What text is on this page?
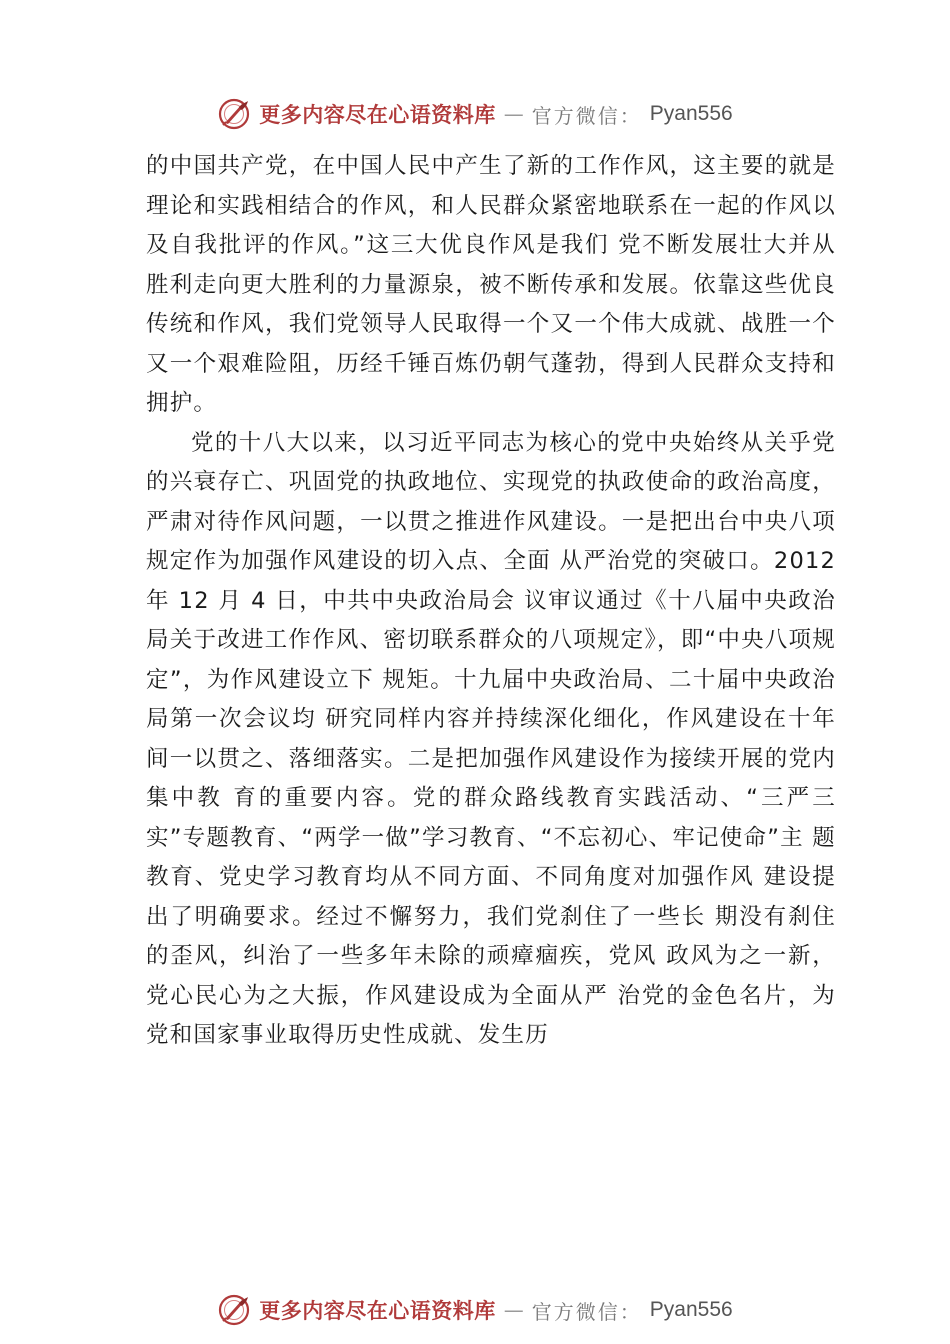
更多内容尽在心语资料库 — 官方微信： Pyan556

的中国共产党，在中国人民中产生了新的工作作风，这主要的就是理论和实践相结合的作风，和人民群众紧密地联系在一起的作风以及自我批评的作风。”这三大优良作风是我们 党不断发展壮大并从胜利走向更大胜利的力量源泉，被不断传承和发展。依靠这些优良传统和作风，我们党领导人民取得一个又一个伟大成就、战胜一个又一个艰难险阻，历经千锤百炼仍朝气蓬勃，得到人民群众支持和拥护。

党的十八大以来，以习近平同志为核心的党中央始终从关乎党的兴衰存亡、巩固党的执政地位、实现党的执政使命的政治高度，严肃对待作风问题，一以贯之推进作风建设。一是把出台中央八项规定作为加强作风建设的切入点、全面 从严治党的突破口。2012 年 12 月 4 日，中共中央政治局会 议审议通过《十八届中央政治局关于改进工作作风、密切联系群众的八项规定》，即“中央八项规定”，为作风建设立下 规矩。十九届中央政治局、二十届中央政治局第一次会议均 研究同样内容并持续深化细化，作风建设在十年间一以贯之、落细落实。二是把加强作风建设作为接续开展的党内集中教 育的重要内容。党的群众路线教育实践活动、“三严三实”专题教育、“两学一做”学习教育、“不忘初心、牢记使命”主 题教育、党史学习教育均从不同方面、不同角度对加强作风 建设提出了明确要求。经过不懈努力，我们党刹住了一些长 期没有刹住的歪风，纠治了一些多年未除的顽瘴痼疾，党风 政风为之一新，党心民心为之大振，作风建设成为全面从严 治党的金色名片，为党和国家事业取得历史性成就、发生历

更多内容尽在心语资料库 — 官方微信： Pyan556
